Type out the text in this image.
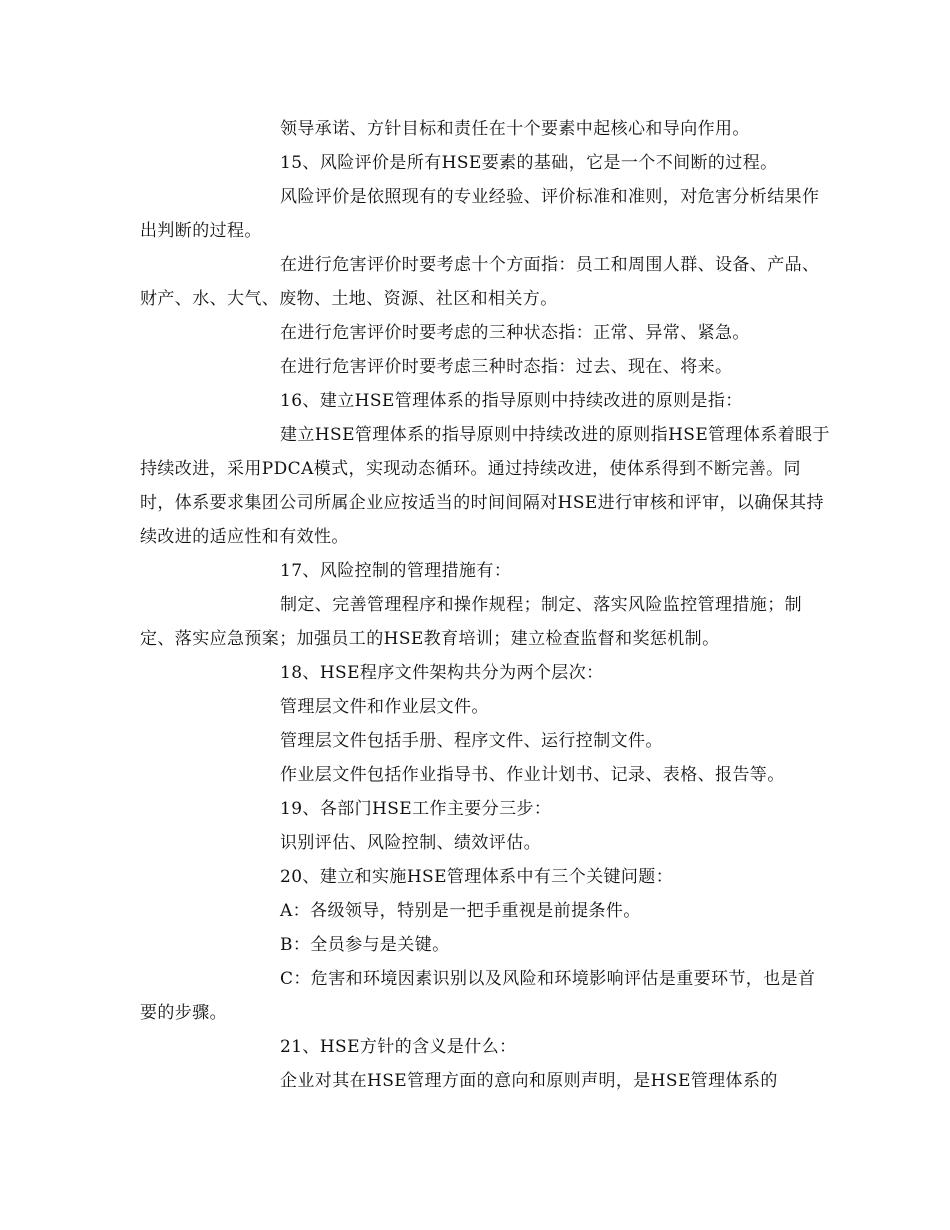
领导承诺、方针目标和责任在十个要素中起核心和导向作用。

15、风险评价是所有HSE要素的基础，它是一个不间断的过程。

风险评价是依照现有的专业经验、评价标准和准则，对危害分析结果作出判断的过程。

在进行危害评价时要考虑十个方面指：员工和周围人群、设备、产品、财产、水、大气、废物、土地、资源、社区和相关方。

在进行危害评价时要考虑的三种状态指：正常、异常、紧急。

在进行危害评价时要考虑三种时态指：过去、现在、将来。

16、建立HSE管理体系的指导原则中持续改进的原则是指：

建立HSE管理体系的指导原则中持续改进的原则指HSE管理体系着眼于持续改进，采用PDCA模式，实现动态循环。通过持续改进，使体系得到不断完善。同时，体系要求集团公司所属企业应按适当的时间间隔对HSE进行审核和评审，以确保其持续改进的适应性和有效性。

17、风险控制的管理措施有：

制定、完善管理程序和操作规程；制定、落实风险监控管理措施；制定、落实应急预案；加强员工的HSE教育培训；建立检查监督和奖惩机制。

18、HSE程序文件架构共分为两个层次：

管理层文件和作业层文件。

管理层文件包括手册、程序文件、运行控制文件。

作业层文件包括作业指导书、作业计划书、记录、表格、报告等。

19、各部门HSE工作主要分三步：

识别评估、风险控制、绩效评估。

20、建立和实施HSE管理体系中有三个关键问题：

A：各级领导，特别是一把手重视是前提条件。

B：全员参与是关键。

C：危害和环境因素识别以及风险和环境影响评估是重要环节，也是首要的步骤。

21、HSE方针的含义是什么：

企业对其在HSE管理方面的意向和原则声明，是HSE管理体系的
